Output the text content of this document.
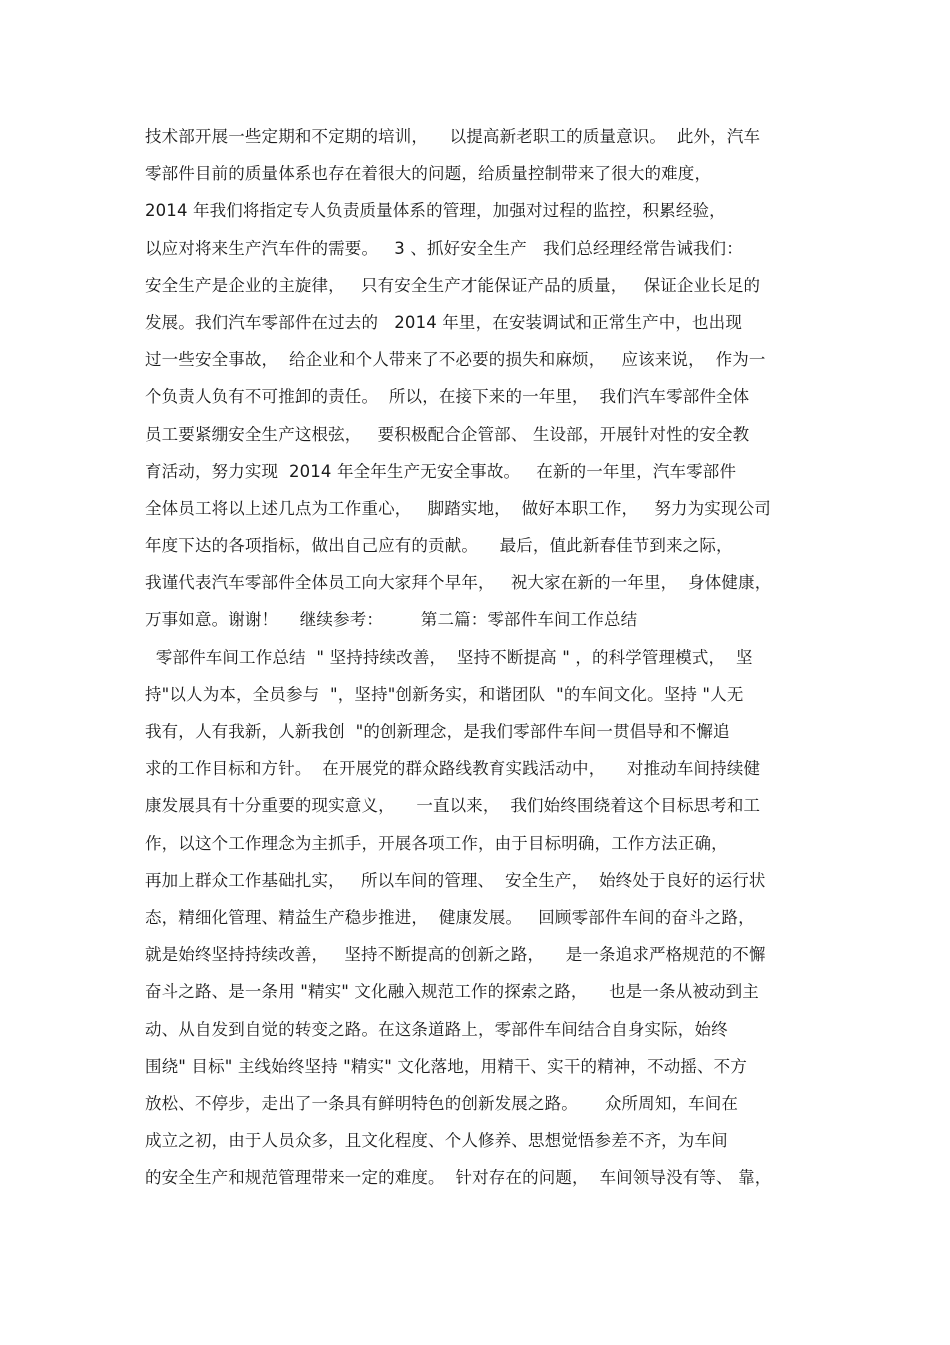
技术部开展一些定期和不定期的培训，    以提高新老职工的质量意识。  此外，汽车
零部件目前的质量体系也存在着很大的问题，给质量控制带来了很大的难度，
2014 年我们将指定专人负责质量体系的管理，加强对过程的监控，积累经验，
以应对将来生产汽车件的需要。   3 、抓好安全生产   我们总经理经常告诫我们：
安全生产是企业的主旋律，   只有安全生产才能保证产品的质量，   保证企业长足的
发展。我们汽车零部件在过去的   2014 年里，在安装调试和正常生产中，也出现
过一些安全事故，  给企业和个人带来了不必要的损失和麻烦，   应该来说，  作为一
个负责人负有不可推卸的责任。  所以，在接下来的一年里，  我们汽车零部件全体
员工要紧绷安全生产这根弦，   要积极配合企管部、 生设部，开展针对性的安全教
育活动，努力实现  2014 年全年生产无安全事故。   在新的一年里，汽车零部件
全体员工将以上述几点为工作重心，   脚踏实地，  做好本职工作，   努力为实现公司
年度下达的各项指标，做出自己应有的贡献。    最后，值此新春佳节到来之际，
我谨代表汽车零部件全体员工向大家拜个早年，   祝大家在新的一年里，  身体健康，
万事如意。谢谢！    继续参考：       第二篇：零部件车间工作总结
零部件车间工作总结  " 坚持持续改善，  坚持不断提高 " ，的科学管理模式，  坚
持"以人为本，全员参与  "，坚持"创新务实，和谐团队  "的车间文化。坚持 "人无
我有，人有我新，人新我创  "的创新理念，是我们零部件车间一贯倡导和不懈追
求的工作目标和方针。  在开展党的群众路线教育实践活动中，    对推动车间持续健
康发展具有十分重要的现实意义，    一直以来，  我们始终围绕着这个目标思考和工
作，以这个工作理念为主抓手，开展各项工作，由于目标明确，工作方法正确，
再加上群众工作基础扎实，   所以车间的管理、  安全生产，  始终处于良好的运行状
态，精细化管理、精益生产稳步推进，  健康发展。   回顾零部件车间的奋斗之路，
就是始终坚持持续改善，   坚持不断提高的创新之路，    是一条追求严格规范的不懈
奋斗之路、是一条用 "精实" 文化融入规范工作的探索之路，    也是一条从被动到主
动、从自发到自觉的转变之路。在这条道路上，零部件车间结合自身实际，始终
围绕" 目标" 主线始终坚持 "精实" 文化落地，用精干、实干的精神，不动摇、不方
放松、不停步，走出了一条具有鲜明特色的创新发展之路。     众所周知，车间在
成立之初，由于人员众多，且文化程度、个人修养、思想觉悟参差不齐，为车间
的安全生产和规范管理带来一定的难度。  针对存在的问题，  车间领导没有等、 靠，
